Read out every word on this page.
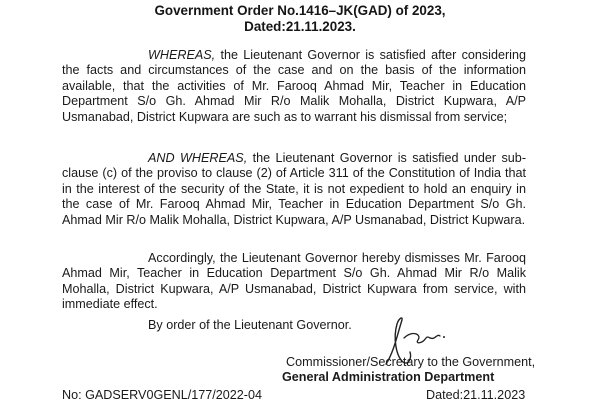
Government Order No.1416–JK(GAD) of 2023,
Dated:21.11.2023.
WHEREAS, the Lieutenant Governor is satisfied after considering the facts and circumstances of the case and on the basis of the information available, that the activities of Mr. Farooq Ahmad Mir, Teacher in Education Department S/o Gh. Ahmad Mir R/o Malik Mohalla, District Kupwara, A/P Usmanabad, District Kupwara are such as to warrant his dismissal from service;
AND WHEREAS, the Lieutenant Governor is satisfied under sub-clause (c) of the proviso to clause (2) of Article 311 of the Constitution of India that in the interest of the security of the State, it is not expedient to hold an enquiry in the case of Mr. Farooq Ahmad Mir, Teacher in Education Department S/o Gh. Ahmad Mir R/o Malik Mohalla, District Kupwara, A/P Usmanabad, District Kupwara.
Accordingly, the Lieutenant Governor hereby dismisses Mr. Farooq Ahmad Mir, Teacher in Education Department S/o Gh. Ahmad Mir R/o Malik Mohalla, District Kupwara, A/P Usmanabad, District Kupwara from service, with immediate effect.
By order of the Lieutenant Governor.
Commissioner/Secretary to the Government,
General Administration Department
No: GADSERV0GENL/177/2022-04	Dated:21.11.2023
